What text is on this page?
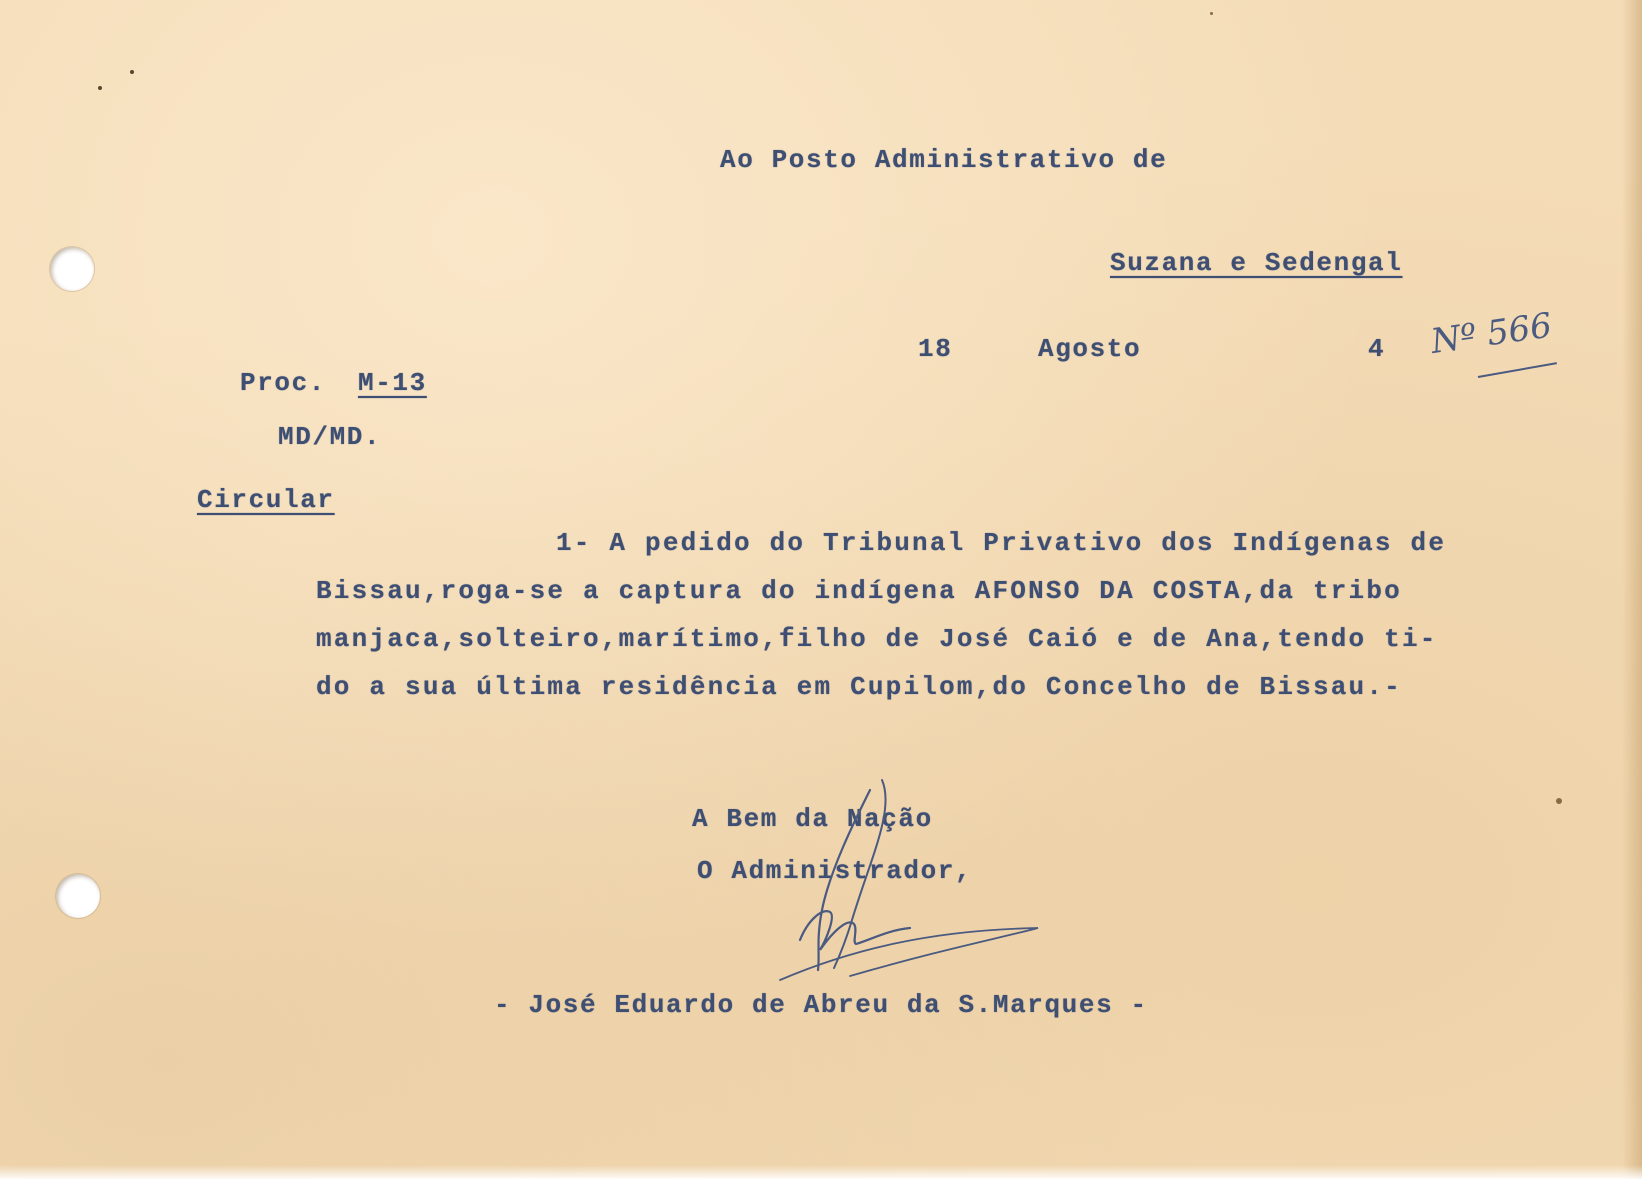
Ao Posto Administrativo de
Suzana e Sedengal
18	Agosto	4 Nº 566
Proc. M-13
MD/MD.
Circular
1- A pedido do Tribunal Privativo dos Indígenas de
Bissau,roga-se a captura do indígena AFONSO DA COSTA,da tribo
manjaca,solteiro,marítimo,filho de José Caió e de Ana,tendo ti-
do a sua última residência em Cupilom,do Concelho de Bissau.-
A Bem da Nação
O Administrador,
- José Eduardo de Abreu da S.Marques -
